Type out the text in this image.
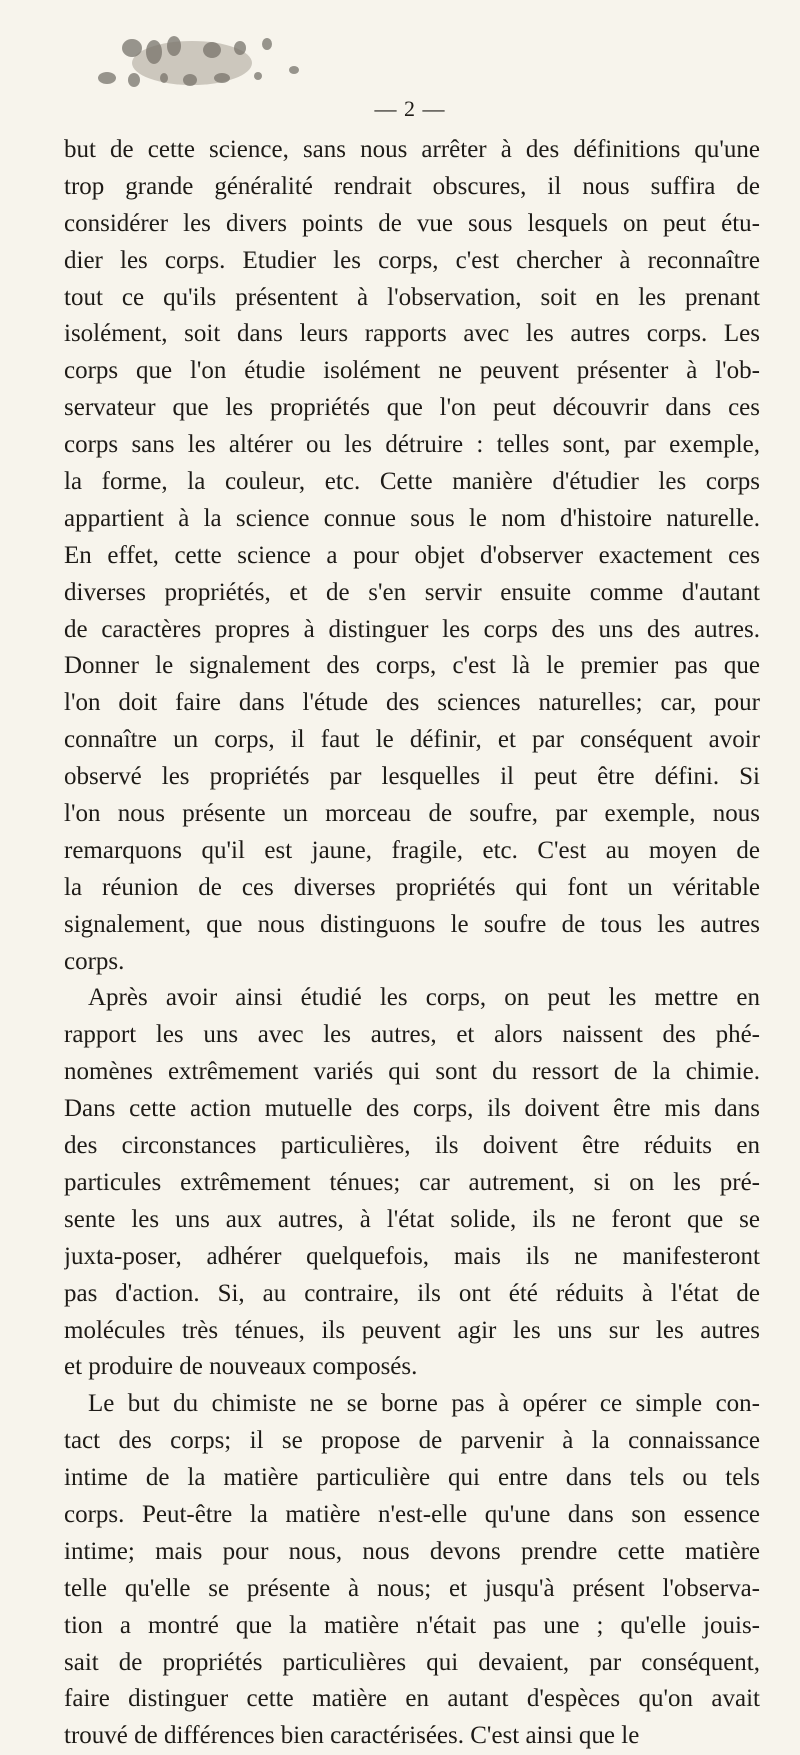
— 2 —
but de cette science, sans nous arrêter à des définitions qu'une
trop grande généralité rendrait obscures, il nous suffira de
considérer les divers points de vue sous lesquels on peut étu-
dier les corps. Etudier les corps, c'est chercher à reconnaître
tout ce qu'ils présentent à l'observation, soit en les prenant
isolément, soit dans leurs rapports avec les autres corps. Les
corps que l'on étudie isolément ne peuvent présenter à l'ob-
servateur que les propriétés que l'on peut découvrir dans ces
corps sans les altérer ou les détruire : telles sont, par exemple,
la forme, la couleur, etc. Cette manière d'étudier les corps
appartient à la science connue sous le nom d'histoire naturelle.
En effet, cette science a pour objet d'observer exactement ces
diverses propriétés, et de s'en servir ensuite comme d'autant
de caractères propres à distinguer les corps des uns des autres.
Donner le signalement des corps, c'est là le premier pas que
l'on doit faire dans l'étude des sciences naturelles; car, pour
connaître un corps, il faut le définir, et par conséquent avoir
observé les propriétés par lesquelles il peut être défini. Si
l'on nous présente un morceau de soufre, par exemple, nous
remarquons qu'il est jaune, fragile, etc. C'est au moyen de
la réunion de ces diverses propriétés qui font un véritable
signalement, que nous distinguons le soufre de tous les autres
corps.
Après avoir ainsi étudié les corps, on peut les mettre en
rapport les uns avec les autres, et alors naissent des phé-
nomènes extrêmement variés qui sont du ressort de la chimie.
Dans cette action mutuelle des corps, ils doivent être mis dans
des circonstances particulières, ils doivent être réduits en
particules extrêmement ténues; car autrement, si on les pré-
sente les uns aux autres, à l'état solide, ils ne feront que se
juxta-poser, adhérer quelquefois, mais ils ne manifesteront
pas d'action. Si, au contraire, ils ont été réduits à l'état de
molécules très ténues, ils peuvent agir les uns sur les autres
et produire de nouveaux composés.
Le but du chimiste ne se borne pas à opérer ce simple con-
tact des corps; il se propose de parvenir à la connaissance
intime de la matière particulière qui entre dans tels ou tels
corps. Peut-être la matière n'est-elle qu'une dans son essence
intime; mais pour nous, nous devons prendre cette matière
telle qu'elle se présente à nous; et jusqu'à présent l'observa-
tion a montré que la matière n'était pas une ; qu'elle jouis-
sait de propriétés particulières qui devaient, par conséquent,
faire distinguer cette matière en autant d'espèces qu'on avait
trouvé de différences bien caractérisées. C'est ainsi que le
